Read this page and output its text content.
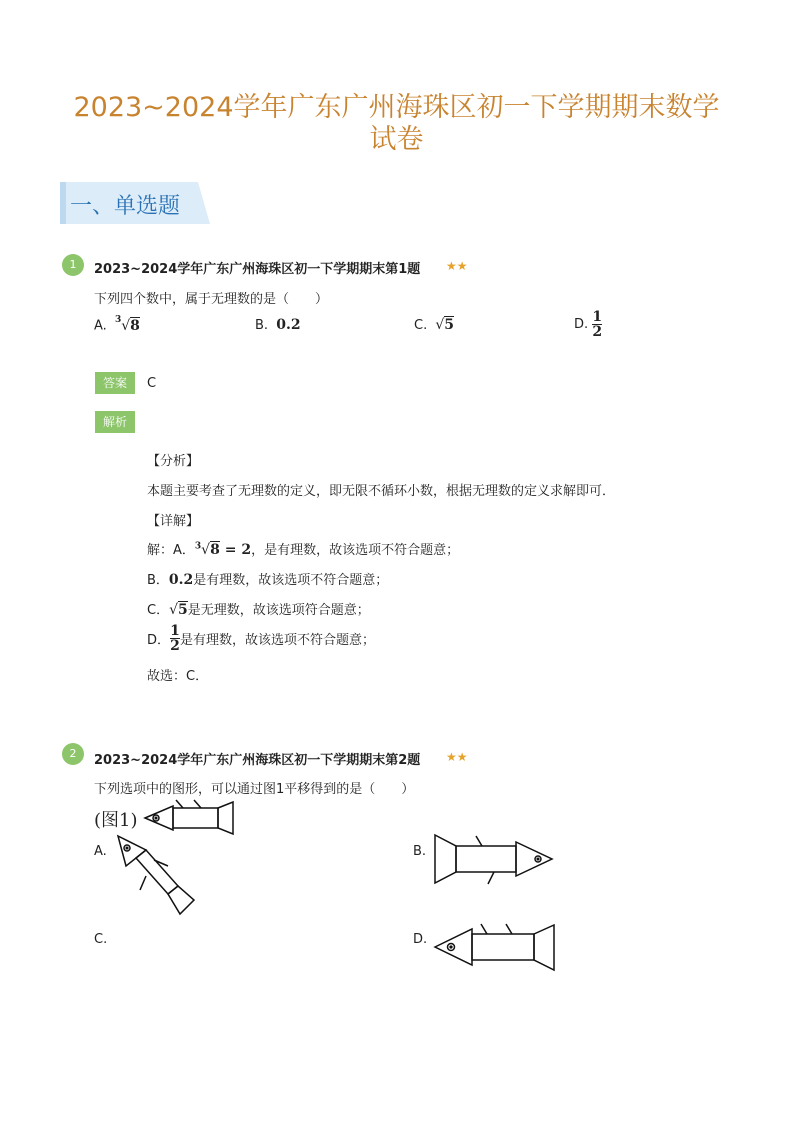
2023~2024学年广东广州海珠区初一下学期期末数学
试卷
一、单选题
1	2023~2024学年广东广州海珠区初一下学期期末第1题 ★★
下列四个数中，属于无理数的是（　　）
A. $^3$√8	B. 0.2	C. √5	D. $\frac{1}{2}$
答案	C
解析
【分析】
本题主要考查了无理数的定义，即无限不循环小数，根据无理数的定义求解即可．
【详解】
解：A．$^3$√8 = 2，是有理数，故该选项不符合题意；
B．0.2是有理数，故该选项不符合题意；
C．√5是无理数，故该选项符合题意；
D． $\frac{1}{2}$ 是有理数，故该选项不符合题意；
故选：C．
2	2023~2024学年广东广州海珠区初一下学期期末第2题 ★★
下列选项中的图形，可以通过图1平移得到的是（　　）
(图1)
A.	B.
C.	D.
